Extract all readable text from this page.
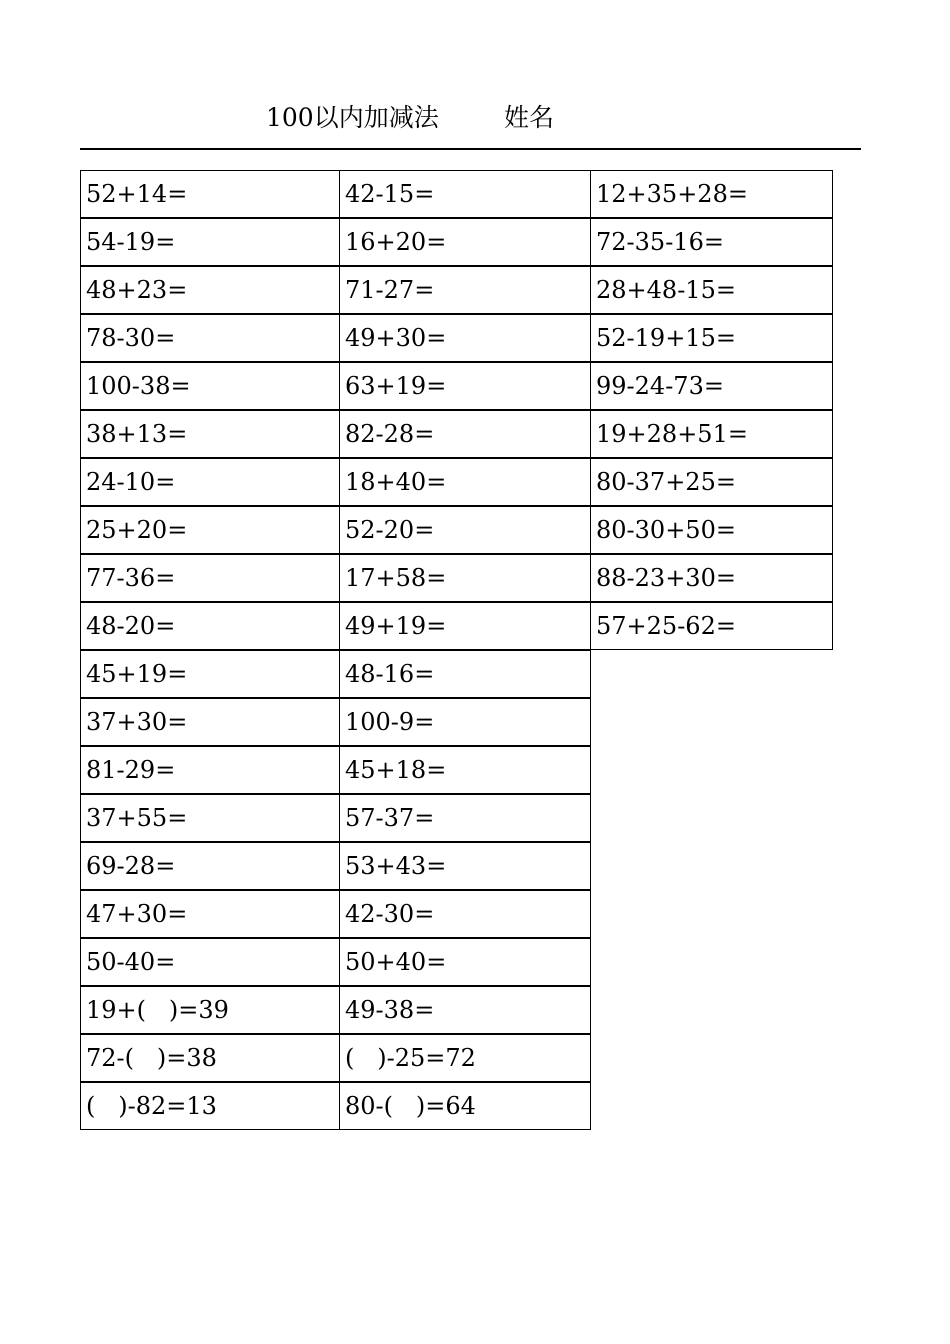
100以内加减法	姓名
52+14=	42-15=	12+35+28=
54-19=	16+20=	72-35-16=
48+23=	71-27=	28+48-15=
78-30=	49+30=	52-19+15=
100-38=	63+19=	99-24-73=
38+13=	82-28=	19+28+51=
24-10=	18+40=	80-37+25=
25+20=	52-20=	80-30+50=
77-36=	17+58=	88-23+30=
48-20=	49+19=	57+25-62=
45+19=	48-16=
37+30=	100-9=
81-29=	45+18=
37+55=	57-37=
69-28=	53+43=
47+30=	42-30=
50-40=	50+40=
19+(   )=39	49-38=
72-(   )=38	(   )-25=72
(   )-82=13	80-(   )=64
